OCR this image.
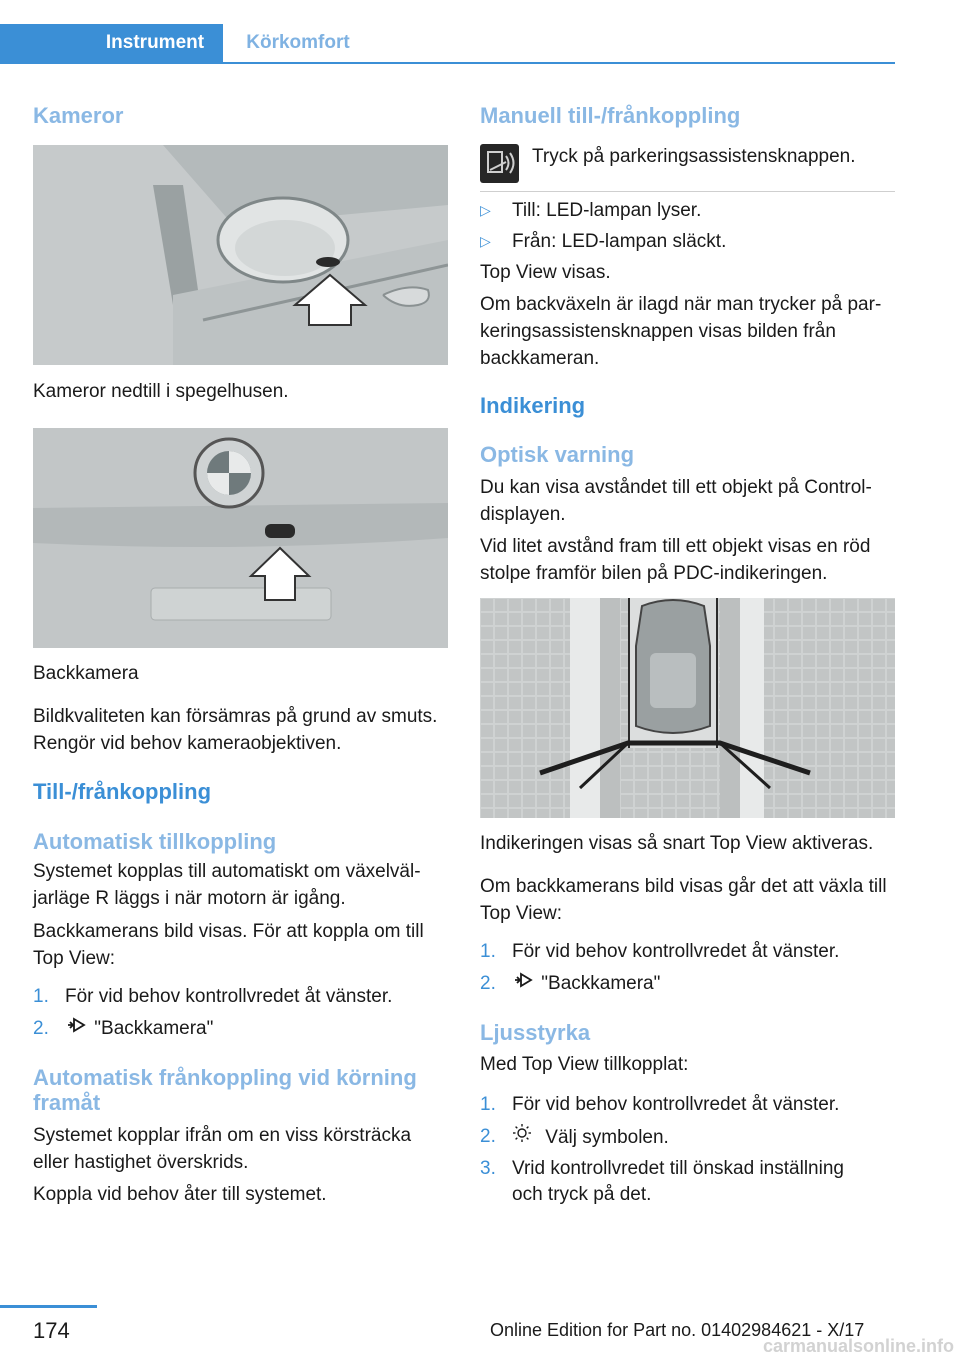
Instrument	Körkomfort
Kameror
Kameror nedtill i spegelhusen.
Backkamera
Bildkvaliteten kan försämras på grund av smuts. Rengör vid behov kameraobjektiven.
Till-/frånkoppling
Automatisk tillkoppling
Systemet kopplas till automatiskt om växelväl-jarläge R läggs i när motorn är igång.
Backkamerans bild visas. För att koppla om till Top View:
1. För vid behov kontrollvredet åt vänster.
2.	"Backkamera"
Automatisk frånkoppling vid körning framåt
Systemet kopplar ifrån om en viss körsträcka eller hastighet överskrids.
Koppla vid behov åter till systemet.
Manuell till-/frånkoppling
Tryck på parkeringsassistensknappen.
▷ Till: LED-lampan lyser.
▷ Från: LED-lampan släckt.
Top View visas.
Om backväxeln är ilagd när man trycker på par-keringsassistensknappen visas bilden från backkameran.
Indikering
Optisk varning
Du kan visa avståndet till ett objekt på Control-displayen.
Vid litet avstånd fram till ett objekt visas en röd stolpe framför bilen på PDC-indikeringen.
Indikeringen visas så snart Top View aktiveras.
Om backkamerans bild visas går det att växla till Top View:
1. För vid behov kontrollvredet åt vänster.
2.	"Backkamera"
Ljusstyrka
Med Top View tillkopplat:
1. För vid behov kontrollvredet åt vänster.
2.	Välj symbolen.
3. Vrid kontrollvredet till önskad inställning
och tryck på det.
174	Online Edition for Part no. 01402984621 - X/17
carmanualsonline.info
